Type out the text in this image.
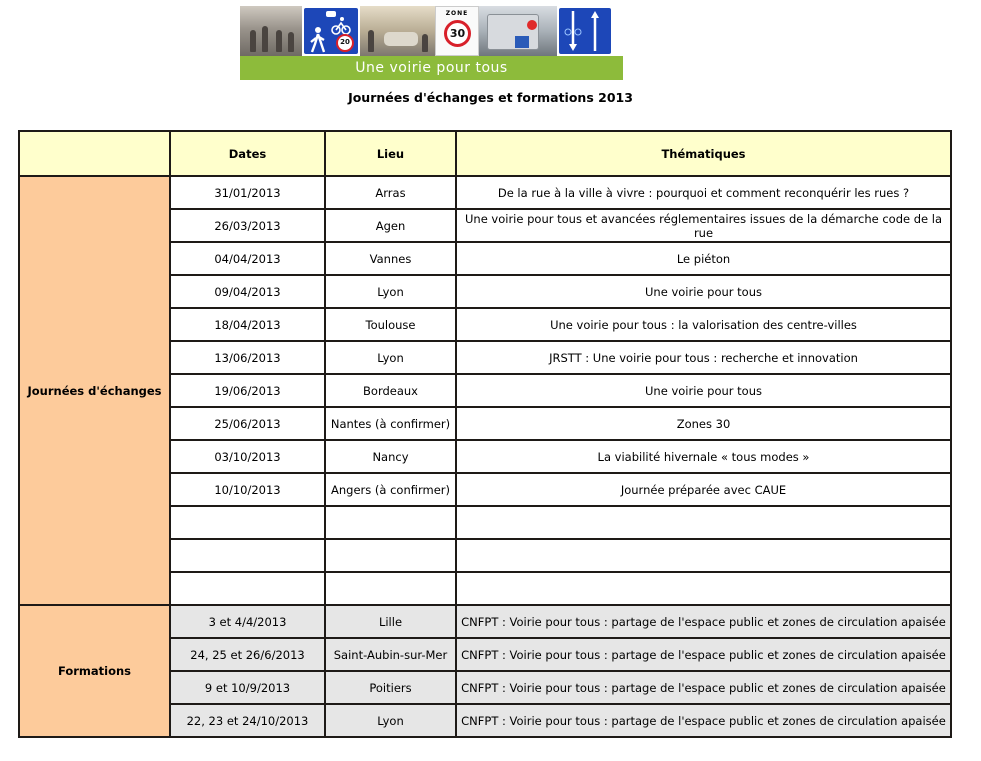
20
ZONE
30
Une voirie pour tous
Journées d'échanges et formations 2013
	Dates	Lieu	Thématiques
Journées d'échanges	31/01/2013	Arras	De la rue à la ville à vivre : pourquoi et comment reconquérir les rues ?
	26/03/2013	Agen	Une voirie pour tous et avancées réglementaires issues de la démarche code de la rue
	04/04/2013	Vannes	Le piéton
	09/04/2013	Lyon	Une voirie pour tous
	18/04/2013	Toulouse	Une voirie pour tous : la valorisation des centre-villes
	13/06/2013	Lyon	JRSTT : Une voirie pour tous : recherche et innovation
	19/06/2013	Bordeaux	Une voirie pour tous
	25/06/2013	Nantes (à confirmer)	Zones 30
	03/10/2013	Nancy	La viabilité hivernale « tous modes »
	10/10/2013	Angers (à confirmer)	Journée préparée avec CAUE

Formations	3 et 4/4/2013	Lille	CNFPT : Voirie pour tous : partage de l'espace public et zones de circulation apaisée
	24, 25 et 26/6/2013	Saint-Aubin-sur-Mer	CNFPT : Voirie pour tous : partage de l'espace public et zones de circulation apaisée
	9 et 10/9/2013	Poitiers	CNFPT : Voirie pour tous : partage de l'espace public et zones de circulation apaisée
	22, 23 et 24/10/2013	Lyon	CNFPT : Voirie pour tous : partage de l'espace public et zones de circulation apaisée
